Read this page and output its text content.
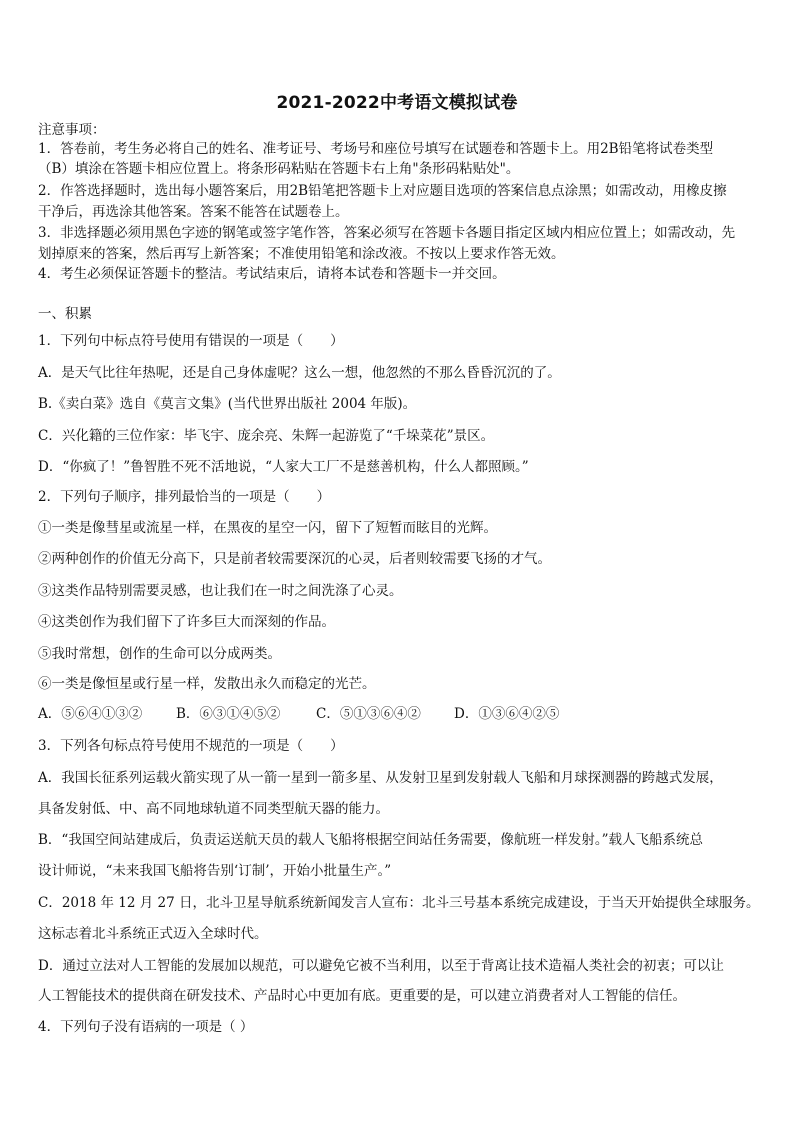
2021-2022中考语文模拟试卷
注意事项：
1．答卷前，考生务必将自己的姓名、准考证号、考场号和座位号填写在试题卷和答题卡上。用2B铅笔将试卷类型
（B）填涂在答题卡相应位置上。将条形码粘贴在答题卡右上角"条形码粘贴处"。
2．作答选择题时，选出每小题答案后，用2B铅笔把答题卡上对应题目选项的答案信息点涂黑；如需改动，用橡皮擦
干净后，再选涂其他答案。答案不能答在试题卷上。
3．非选择题必须用黑色字迹的钢笔或签字笔作答，答案必须写在答题卡各题目指定区域内相应位置上；如需改动，先
划掉原来的答案，然后再写上新答案；不准使用铅笔和涂改液。不按以上要求作答无效。
4．考生必须保证答题卡的整洁。考试结束后，请将本试卷和答题卡一并交回。
一、积累
1．下列句中标点符号使用有错误的一项是（　　）
A．是天气比往年热呢，还是自己身体虚呢？这么一想，他忽然的不那么昏昏沉沉的了。
B.《卖白菜》选自《莫言文集》(当代世界出版社 2004 年版)。
C．兴化籍的三位作家：毕飞宇、庞余亮、朱辉一起游览了“千垛菜花”景区。
D．“你疯了！”鲁智胜不死不活地说，“人家大工厂不是慈善机构，什么人都照顾。”
2．下列句子顺序，排列最恰当的一项是（　　）
①一类是像彗星或流星一样，在黑夜的星空一闪，留下了短暂而眩目的光辉。
②两种创作的价值无分高下，只是前者较需要深沉的心灵，后者则较需要飞扬的才气。
③这类作品特别需要灵感，也让我们在一时之间洗涤了心灵。
④这类创作为我们留下了许多巨大而深刻的作品。
⑤我时常想，创作的生命可以分成两类。
⑥一类是像恒星或行星一样，发散出永久而稳定的光芒。
A．⑤⑥④①③②	B．⑥③①④⑤②	C．⑤①③⑥④② D．①③⑥④②⑤
3．下列各句标点符号使用不规范的一项是（　　）
A．我国长征系列运载火箭实现了从一箭一星到一箭多星、从发射卫星到发射载人飞船和月球探测器的跨越式发展，
具备发射低、中、高不同地球轨道不同类型航天器的能力。
B．“我国空间站建成后，负责运送航天员的载人飞船将根据空间站任务需要，像航班一样发射。”载人飞船系统总
设计师说，“未来我国飞船将告别‘订制’，开始小批量生产。”
C．2018 年 12 月 27 日，北斗卫星导航系统新闻发言人宣布：北斗三号基本系统完成建设，于当天开始提供全球服务。
这标志着北斗系统正式迈入全球时代。
D．通过立法对人工智能的发展加以规范，可以避免它被不当利用，以至于背离让技术造福人类社会的初衷；可以让
人工智能技术的提供商在研发技术、产品时心中更加有底。更重要的是，可以建立消费者对人工智能的信任。
4．下列句子没有语病的一项是（ ）
